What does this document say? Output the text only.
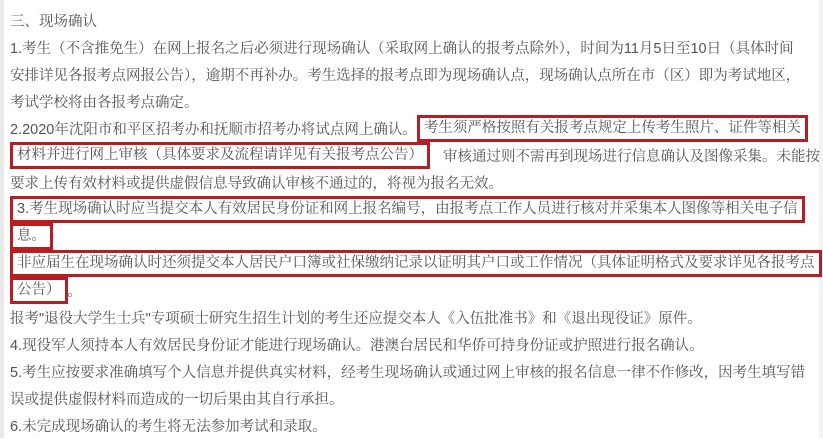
三、现场确认
1.考生（不含推免生）在网上报名之后必须进行现场确认（采取网上确认的报考点除外），时间为11月5日至10日（具体时间
安排详见各报考点网报公告），逾期不再补办。考生选择的报考点即为现场确认点，现场确认点所在市（区）即为考试地区，
考试学校将由各报考点确定。
2.2020年沈阳市和平区招考办和抚顺市招考办将试点网上确认。 考生须严格按照有关报考点规定上传考生照片、证件等相关
材料并进行网上审核（具体要求及流程请详见有关报考点公告）	审核通过则不需再到现场进行信息确认及图像采集。未能按
要求上传有效材料或提供虚假信息导致确认审核不通过的，将视为报名无效。
3.考生现场确认时应当提交本人有效居民身份证和网上报名编号，由报考点工作人员进行核对并采集本人图像等相关电子信
息。
非应届生在现场确认时还须提交本人居民户口簿或社保缴纳记录以证明其户口或工作情况（具体证明格式及要求详见各报考点
公告） 。
报考"退役大学生士兵"专项硕士研究生招生计划的考生还应提交本人《入伍批准书》和《退出现役证》原件。
4.现役军人须持本人有效居民身份证才能进行现场确认。港澳台居民和华侨可持身份证或护照进行报名确认。
5.考生应按要求准确填写个人信息并提供真实材料，经考生现场确认或通过网上审核的报名信息一律不作修改，因考生填写错
误或提供虚假材料而造成的一切后果由其自行承担。
6.未完成现场确认的考生将无法参加考试和录取。
